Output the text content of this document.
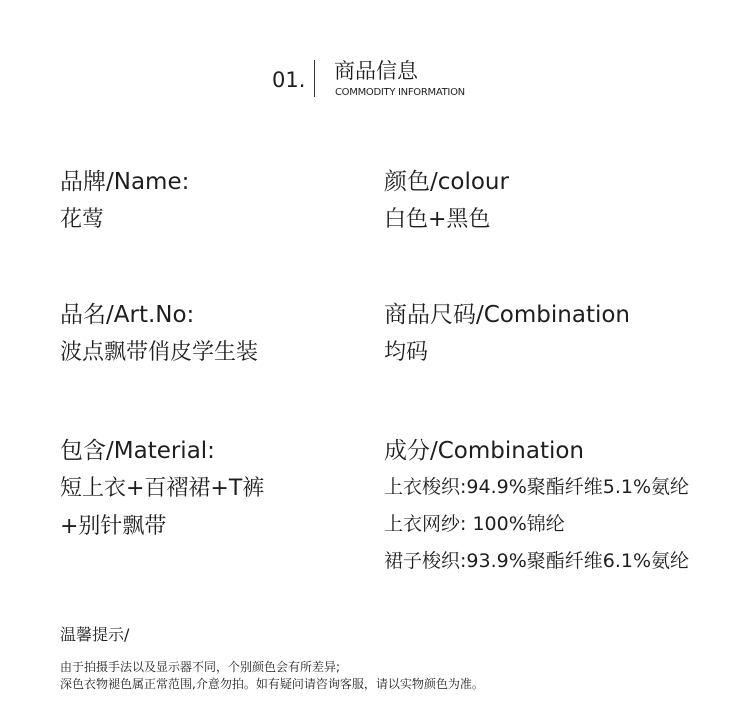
01. 商品信息
COMMODITY INFORMATION
品牌/Name:
花莺
颜色/colour
白色+黑色
品名/Art.No:
波点飘带俏皮学生装
商品尺码/Combination
均码
包含/Material:
短上衣+百褶裙+T裤
+别针飘带
成分/Combination
上衣梭织:94.9%聚酯纤维5.1%氨纶
上衣网纱: 100%锦纶
裙子梭织:93.9%聚酯纤维6.1%氨纶
温馨提示/
由于拍摄手法以及显示器不同，个别颜色会有所差异;
深色衣物褪色属正常范围,介意勿拍。如有疑问请咨询客服，请以实物颜色为准。
